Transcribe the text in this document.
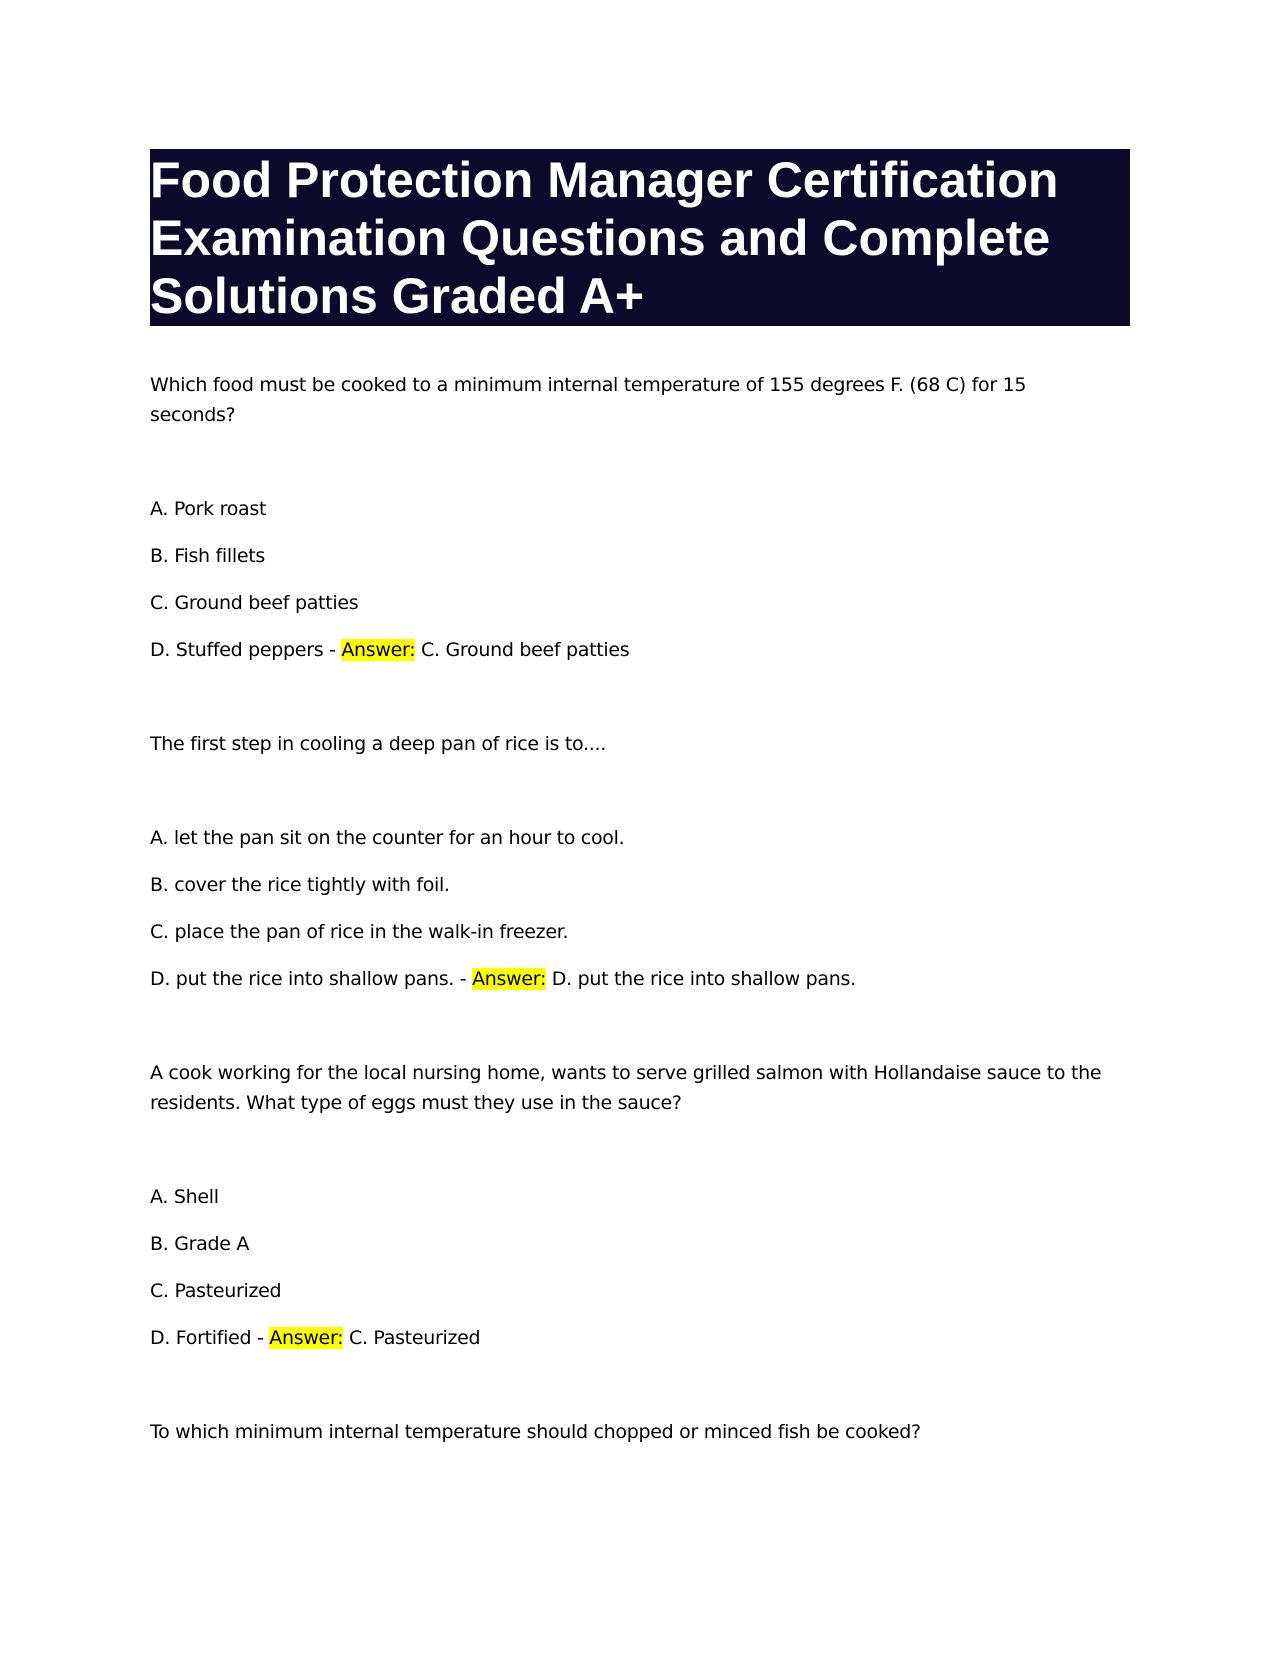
Food Protection Manager Certification
Examination Questions and Complete
Solutions Graded A+

Which food must be cooked to a minimum internal temperature of 155 degrees F. (68 C) for 15 seconds?

A. Pork roast
B. Fish fillets
C. Ground beef patties
D. Stuffed peppers - Answer: C. Ground beef patties

The first step in cooling a deep pan of rice is to....

A. let the pan sit on the counter for an hour to cool.
B. cover the rice tightly with foil.
C. place the pan of rice in the walk-in freezer.
D. put the rice into shallow pans. - Answer: D. put the rice into shallow pans.

A cook working for the local nursing home, wants to serve grilled salmon with Hollandaise sauce to the residents. What type of eggs must they use in the sauce?

A. Shell
B. Grade A
C. Pasteurized
D. Fortified - Answer: C. Pasteurized

To which minimum internal temperature should chopped or minced fish be cooked?
